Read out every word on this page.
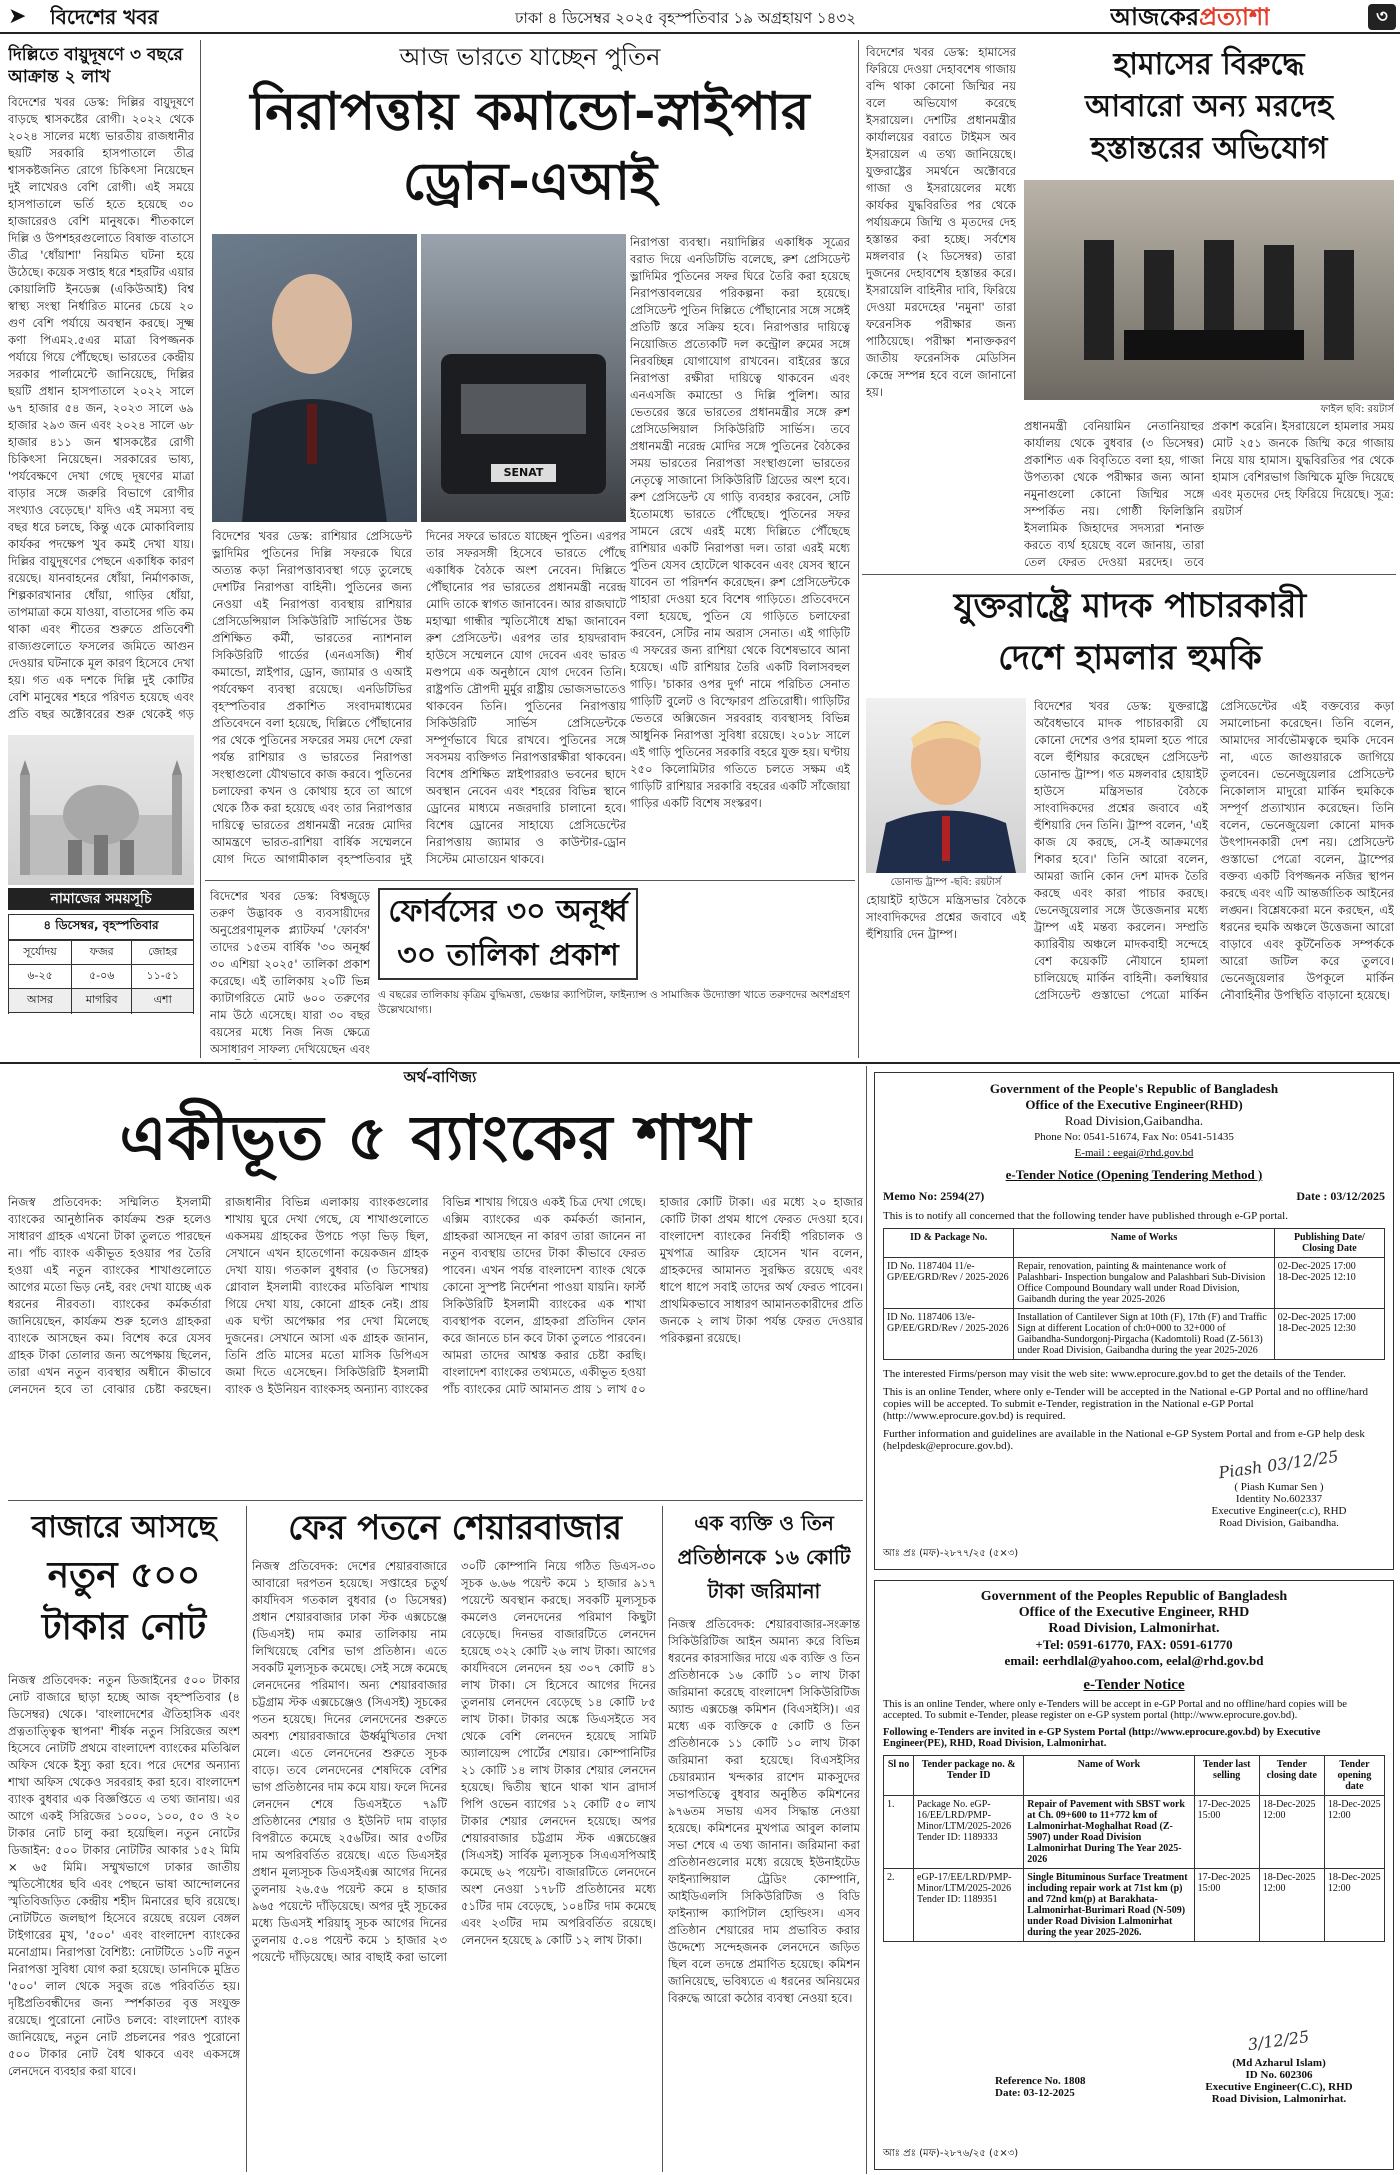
➤ বিদেশের খবর	ঢাকা ৪ ডিসেম্বর ২০২৫ বৃহস্পতিবার ১৯ অগ্রহায়ণ ১৪৩২	আজকেরপ্রত্যাশা	৩
দিল্লিতে বায়ুদূষণে ৩ বছরে আক্রান্ত ২ লাখ
বিদেশের খবর ডেস্ক: দিল্লির বায়ুদূষণে বাড়ছে শ্বাসকষ্টের রোগী। ২০২২ থেকে ২০২৪ সালের মধ্যে ভারতীয় রাজধানীর ছয়টি সরকারি হাসপাতালে তীব্র শ্বাসকষ্টজনিত রোগে চিকিৎসা নিয়েছেন দুই লাখেরও বেশি রোগী। এই সময়ে হাসপাতালে ভর্তি হতে হয়েছে ৩০ হাজারেরও বেশি মানুষকে। শীতকালে দিল্লি ও উপশহরগুলোতে বিষাক্ত বাতাসে তীব্র 'ধোঁয়াশা' নিয়মিত ঘটনা হয়ে উঠেছে। কয়েক সপ্তাহ ধরে শহরটির এয়ার কোয়ালিটি ইনডেক্স (একিউআই) বিশ্ব স্বাস্থ্য সংস্থা নির্ধারিত মানের চেয়ে ২০ গুণ বেশি পর্যায়ে অবস্থান করছে। সূক্ষ্ম কণা পিএম২.৫এর মাত্রা বিপজ্জনক পর্যায়ে গিয়ে পৌঁছেছে। ভারতের কেন্দ্রীয় সরকার পার্লামেন্টে জানিয়েছে, দিল্লির ছয়টি প্রধান হাসপাতালে ২০২২ সালে ৬৭ হাজার ৫৪ জন, ২০২৩ সালে ৬৯ হাজার ২৯৩ জন এবং ২০২৪ সালে ৬৮ হাজার ৪১১ জন শ্বাসকষ্টের রোগী চিকিৎসা নিয়েছেন। সরকারের ভাষ্য, 'পর্যবেক্ষণে দেখা গেছে দূষণের মাত্রা বাড়ার সঙ্গে জরুরি বিভাগে রোগীর সংখ্যাও বেড়েছে।' যদিও এই সমস্যা বহু বছর ধরে চলছে, কিন্তু একে মোকাবিলায় কার্যকর পদক্ষেপ খুব কমই দেখা যায়। দিল্লির বায়ুদূষণের পেছনে একাধিক কারণ রয়েছে। যানবাহনের ধোঁয়া, নির্মাণকাজ, শিল্পকারখানার ধোঁয়া, গাড়ির ধোঁয়া, তাপমাত্রা কমে যাওয়া, বাতাসের গতি কম থাকা এবং শীতের শুরুতে প্রতিবেশী রাজ্যগুলোতে ফসলের জমিতে আগুন দেওয়ার ঘটনাকে মূল কারণ হিসেবে দেখা হয়। গত এক দশকে দিল্লি দুই কোটির বেশি মানুষের শহরে পরিণত হয়েছে এবং প্রতি বছর অক্টোবরের শুরু থেকেই গড়
নামাজের সময়সূচি
৪ ডিসেম্বর, বৃহস্পতিবার
সূর্যোদয়	ফজর	জোহর
৬-২৫	৫-০৬	১১-৫১
আসর	মাগরিব	এশা

আজ ভারতে যাচ্ছেন পুতিন
নিরাপত্তায় কমান্ডো-স্নাইপার
ড্রোন-এআই
SENAT
নিরাপত্তা ব্যবস্থা। নয়াদিল্লির একাধিক সূত্রের বরাত দিয়ে এনডিটিভি বলেছে, রুশ প্রেসিডেন্ট ভ্লাদিমির পুতিনের সফর ঘিরে তৈরি করা হয়েছে নিরাপত্তাবলয়ের পরিকল্পনা করা হয়েছে। প্রেসিডেন্ট পুতিন দিল্লিতে পৌঁছানোর সঙ্গে সঙ্গেই প্রতিটি স্তরে সক্রিয় হবে। নিরাপত্তার দায়িত্বে নিয়োজিত প্রত্যেকটি দল কন্ট্রোল রুমের সঙ্গে নিরবচ্ছিন্ন যোগাযোগ রাখবেন। বাইরের স্তরে নিরাপত্তা রক্ষীরা দায়িত্বে থাকবেন এবং এনএসজি কমান্ডো ও দিল্লি পুলিশ। আর ভেতরের স্তরে ভারতের প্রধানমন্ত্রীর সঙ্গে রুশ প্রেসিডেন্সিয়াল সিকিউরিটি সার্ভিস। তবে প্রধানমন্ত্রী নরেন্দ্র মোদির সঙ্গে পুতিনের বৈঠকের সময় ভারতের নিরাপত্তা সংস্থাগুলো ভারতের নেতৃত্বে সাজানো সিকিউরিটি গ্রিডের অংশ হবে। রুশ প্রেসিডেন্ট যে গাড়ি ব্যবহার করবেন, সেটি ইতোমধ্যে ভারতে পৌঁছেছে। পুতিনের সফর সামনে রেখে এরই মধ্যে দিল্লিতে পৌঁছেছে রাশিয়ার একটি নিরাপত্তা দল। তারা এরই মধ্যে পুতিন যেসব হোটেলে থাকবেন এবং যেসব স্থানে যাবেন তা পরিদর্শন করেছেন। রুশ প্রেসিডেন্টকে পাহারা দেওয়া হবে বিশেষ গাড়িতে। প্রতিবেদনে বলা হয়েছে, পুতিন যে গাড়িতে চলাফেরা করবেন, সেটির নাম অরাস সেনাত। এই গাড়িটি এ সফরের জন্য রাশিয়া থেকে বিশেষভাবে আনা হয়েছে। এটি রাশিয়ার তৈরি একটি বিলাসবহুল গাড়ি। 'চাকার ওপর দুর্গ' নামে পরিচিত সেনাত গাড়িটি বুলেট ও বিস্ফোরণ প্রতিরোধী। গাড়িটির ভেতরে অক্সিজেন সরবরাহ ব্যবস্থাসহ বিভিন্ন আধুনিক নিরাপত্তা সুবিধা রয়েছে। ২০১৮ সালে এই গাড়ি পুতিনের সরকারি বহরে যুক্ত হয়। ঘণ্টায় ২৫০ কিলোমিটার গতিতে চলতে সক্ষম এই গাড়িটি রাশিয়ার সরকারি বহরের একটি সাঁজোয়া গাড়ির একটি বিশেষ সংস্করণ।
বিদেশের খবর ডেস্ক: রাশিয়ার প্রেসিডেন্ট ভ্লাদিমির পুতিনের দিল্লি সফরকে ঘিরে অত্যন্ত কড়া নিরাপত্তাব্যবস্থা গড়ে তুলেছে দেশটির নিরাপত্তা বাহিনী। পুতিনের জন্য নেওয়া এই নিরাপত্তা ব্যবস্থায় রাশিয়ার প্রেসিডেন্সিয়াল সিকিউরিটি সার্ভিসের উচ্চ প্রশিক্ষিত কর্মী, ভারতের ন্যাশনাল সিকিউরিটি গার্ডের (এনএসজি) শীর্ষ কমান্ডো, স্নাইপার, ড্রোন, জ্যামার ও এআই পর্যবেক্ষণ ব্যবস্থা রয়েছে। এনডিটিভির বৃহস্পতিবার প্রকাশিত সংবাদমাধ্যমের প্রতিবেদনে বলা হয়েছে, দিল্লিতে পৌঁছানোর পর থেকে পুতিনের সফরের সময় দেশে ফেরা পর্যন্ত রাশিয়ার ও ভারতের নিরাপত্তা সংস্থাগুলো যৌথভাবে কাজ করবে। পুতিনের চলাফেরা কখন ও কোথায় হবে তা আগে থেকে ঠিক করা হয়েছে এবং তার নিরাপত্তার দায়িত্বে ভারতের প্রধানমন্ত্রী নরেন্দ্র মোদির আমন্ত্রণে ভারত-রাশিয়া বার্ষিক সম্মেলনে যোগ দিতে আগামীকাল বৃহস্পতিবার দুই দিনের সফরে ভারতে যাচ্ছেন পুতিন। এরপর তার সফরসঙ্গী হিসেবে ভারতে পৌঁছে একাধিক বৈঠকে অংশ নেবেন। দিল্লিতে পৌঁছানোর পর ভারতের প্রধানমন্ত্রী নরেন্দ্র মোদি তাকে স্বাগত জানাবেন। আর রাজঘাটে মহাত্মা গান্ধীর স্মৃতিসৌধে শ্রদ্ধা জানাবেন রুশ প্রেসিডেন্ট। এরপর তার হায়দরাবাদ হাউসে সম্মেলনে যোগ দেবেন এবং ভারত মণ্ডপমে এক অনুষ্ঠানে যোগ দেবেন তিনি। রাষ্ট্রপতি দ্রৌপদী মুর্মুর রাষ্ট্রীয় ভোজসভাতেও থাকবেন তিনি। পুতিনের নিরাপত্তায় সিকিউরিটি সার্ভিস প্রেসিডেন্টকে সম্পূর্ণভাবে ঘিরে রাখবে। পুতিনের সঙ্গে সবসময় ব্যক্তিগত নিরাপত্তারক্ষীরা থাকবেন। বিশেষ প্রশিক্ষিত স্নাইপাররাও ভবনের ছাদে অবস্থান নেবেন এবং শহরের বিভিন্ন স্থানে ড্রোনের মাধ্যমে নজরদারি চালানো হবে। বিশেষ ড্রোনের সাহায্যে প্রেসিডেন্টের নিরাপত্তায় জ্যামার ও কাউন্টার-ড্রোন সিস্টেম মোতায়েন থাকবে।
বিদেশের খবর ডেস্ক: বিশ্বজুড়ে তরুণ উদ্ভাবক ও ব্যবসায়ীদের অনুপ্রেরণামূলক প্ল্যাটফর্ম 'ফোর্বস' তাদের ১৫তম বার্ষিক '৩০ অনূর্ধ্ব ৩০ এশিয়া ২০২৫' তালিকা প্রকাশ করেছে। এই তালিকায় ২০টি ভিন্ন ক্যাটাগরিতে মোট ৬০০ তরুণের নাম উঠে এসেছে। যারা ৩০ বছর বয়সের মধ্যে নিজ নিজ ক্ষেত্রে অসাধারণ সাফল্য দেখিয়েছেন এবং
ফোর্বসের ৩০ অনূর্ধ্ব
৩০ তালিকা প্রকাশ
এ বছরের তালিকায় কৃত্রিম বুদ্ধিমত্তা, ভেঞ্চার ক্যাপিটাল, ফাইন্যান্স ও সামাজিক উদ্যোক্তা খাতে তরুণদের অংশগ্রহণ উল্লেখযোগ্য।
বিদেশের খবর ডেস্ক: হামাসের ফিরিয়ে দেওয়া দেহাবশেষ গাজায় বন্দি থাকা কোনো জিম্মির নয় বলে অভিযোগ করেছে ইসরায়েল। দেশটির প্রধানমন্ত্রীর কার্যালয়ের বরাতে টাইমস অব ইসরায়েল এ তথ্য জানিয়েছে। যুক্তরাষ্ট্রের সমর্থনে অক্টোবরে গাজা ও ইসরায়েলের মধ্যে কার্যকর যুদ্ধবিরতির পর থেকে পর্যায়ক্রমে জিম্মি ও মৃতদের দেহ হস্তান্তর করা হচ্ছে। সর্বশেষ মঙ্গলবার (২ ডিসেম্বর) তারা দুজনের দেহাবশেষ হস্তান্তর করে। ইসরায়েলি বাহিনীর দাবি, ফিরিয়ে দেওয়া মরদেহের 'নমুনা' তারা ফরেনসিক পরীক্ষার জন্য পাঠিয়েছে। পরীক্ষা শনাক্তকরণ জাতীয় ফরেনসিক মেডিসিন কেন্দ্রে সম্পন্ন হবে বলে জানানো হয়।
হামাসের বিরুদ্ধে
আবারো অন্য মরদেহ
হস্তান্তরের অভিযোগ
ফাইল ছবি: রয়টার্স
প্রধানমন্ত্রী বেনিয়ামিন নেতানিয়াহুর কার্যালয় থেকে বুধবার (৩ ডিসেম্বর) প্রকাশিত এক বিবৃতিতে বলা হয়, গাজা উপত্যকা থেকে পরীক্ষার জন্য আনা নমুনাগুলো কোনো জিম্মির সঙ্গে সম্পর্কিত নয়। গোষ্ঠী ফিলিস্তিনি ইসলামিক জিহাদের সদস্যরা শনাক্ত করতে ব্যর্থ হয়েছে বলে জানায়, তারা তেল ফেরত দেওয়া মরদেহ। তবে
প্রকাশ করেনি। ইসরায়েলে হামলার সময় মোট ২৫১ জনকে জিম্মি করে গাজায় নিয়ে যায় হামাস। যুদ্ধবিরতির পর থেকে হামাস বেশিরভাগ জিম্মিকে মুক্তি দিয়েছে এবং মৃতদের দেহ ফিরিয়ে দিয়েছে। সূত্র: রয়টার্স
যুক্তরাষ্ট্রে মাদক পাচারকারী
দেশে হামলার হুমকি
ডোনাল্ড ট্রাম্প -ছবি: রয়টার্স
বিদেশের খবর ডেস্ক: যুক্তরাষ্ট্রে অবৈধভাবে মাদক পাচারকারী যে কোনো দেশের ওপর হামলা হতে পারে বলে হুঁশিয়ার করেছেন প্রেসিডেন্ট ডোনাল্ড ট্রাম্প। গত মঙ্গলবার হোয়াইট হাউসে মন্ত্রিসভার বৈঠকে সাংবাদিকদের প্রশ্নের জবাবে এই হুঁশিয়ারি দেন তিনি। ট্রাম্প বলেন, 'এই কাজ যে করছে, সে-ই আক্রমণের শিকার হবে।' তিনি আরো বলেন, আমরা জানি কোন দেশ মাদক তৈরি করছে এবং কারা পাচার করছে। ভেনেজুয়েলার সঙ্গে উত্তেজনার মধ্যে ট্রাম্প এই মন্তব্য করলেন। সম্প্রতি ক্যারিবীয় অঞ্চলে মাদকবাহী সন্দেহে বেশ কয়েকটি নৌযানে হামলা চালিয়েছে মার্কিন বাহিনী। কলম্বিয়ার প্রেসিডেন্ট গুস্তাভো পেত্রো মার্কিন প্রেসিডেন্টের এই বক্তব্যের কড়া সমালোচনা করেছেন। তিনি বলেন, আমাদের সার্বভৌমত্বকে হুমকি দেবেন না, এতে জাগুয়ারকে জাগিয়ে তুলবেন। ভেনেজুয়েলার প্রেসিডেন্ট নিকোলাস মাদুরো মার্কিন হুমকিকে সম্পূর্ণ প্রত্যাখ্যান করেছেন। তিনি বলেন, ভেনেজুয়েলা কোনো মাদক উৎপাদনকারী দেশ নয়। প্রেসিডেন্ট গুস্তাভো পেত্রো বলেন, ট্রাম্পের বক্তব্য একটি বিপজ্জনক নজির স্থাপন করছে এবং এটি আন্তর্জাতিক আইনের লঙ্ঘন। বিশ্লেষকেরা মনে করছেন, এই ধরনের হুমকি অঞ্চলে উত্তেজনা আরো বাড়াবে এবং কূটনৈতিক সম্পর্ককে আরো জটিল করে তুলবে। ভেনেজুয়েলার উপকূলে মার্কিন নৌবাহিনীর উপস্থিতি বাড়ানো হয়েছে।
হোয়াইট হাউসে মন্ত্রিসভার বৈঠকে সাংবাদিকদের প্রশ্নের জবাবে এই হুঁশিয়ারি দেন ট্রাম্প।
অর্থ-বাণিজ্য
একীভূত ৫ ব্যাংকের শাখা
নিজস্ব প্রতিবেদক: সম্মিলিত ইসলামী ব্যাংকের আনুষ্ঠানিক কার্যক্রম শুরু হলেও সাধারণ গ্রাহক এখনো টাকা তুলতে পারছেন না। পাঁচ ব্যাংক একীভূত হওয়ার পর তৈরি হওয়া এই নতুন ব্যাংকের শাখাগুলোতে আগের মতো ভিড় নেই, বরং দেখা যাচ্ছে এক ধরনের নীরবতা। ব্যাংকের কর্মকর্তারা জানিয়েছেন, কার্যক্রম শুরু হলেও গ্রাহকরা ব্যাংকে আসছেন কম। বিশেষ করে যেসব গ্রাহক টাকা তোলার জন্য অপেক্ষায় ছিলেন, তারা এখন নতুন ব্যবস্থার অধীনে কীভাবে লেনদেন হবে তা বোঝার চেষ্টা করছেন। রাজধানীর বিভিন্ন এলাকায় ব্যাংকগুলোর শাখায় ঘুরে দেখা গেছে, যে শাখাগুলোতে একসময় গ্রাহকের উপচে পড়া ভিড় ছিল, সেখানে এখন হাতেগোনা কয়েকজন গ্রাহক দেখা যায়। গতকাল বুধবার (৩ ডিসেম্বর) গ্লোবাল ইসলামী ব্যাংকের মতিঝিল শাখায় গিয়ে দেখা যায়, কোনো গ্রাহক নেই। প্রায় এক ঘণ্টা অপেক্ষার পর দেখা মিলেছে দুজনের। সেখানে আসা এক গ্রাহক জানান, তিনি প্রতি মাসের মতো মাসিক ডিপিএস জমা দিতে এসেছেন। সিকিউরিটি ইসলামী ব্যাংক ও ইউনিয়ন ব্যাংকসহ অন্যান্য ব্যাংকের বিভিন্ন শাখায় গিয়েও একই চিত্র দেখা গেছে। এক্সিম ব্যাংকের এক কর্মকর্তা জানান, গ্রাহকরা আসছেন না কারণ তারা জানেন না নতুন ব্যবস্থায় তাদের টাকা কীভাবে ফেরত পাবেন। এখন পর্যন্ত বাংলাদেশ ব্যাংক থেকে কোনো সুস্পষ্ট নির্দেশনা পাওয়া যায়নি। ফার্স্ট সিকিউরিটি ইসলামী ব্যাংকের এক শাখা ব্যবস্থাপক বলেন, গ্রাহকরা প্রতিদিন ফোন করে জানতে চান কবে টাকা তুলতে পারবেন। আমরা তাদের আশ্বস্ত করার চেষ্টা করছি। বাংলাদেশ ব্যাংকের তথ্যমতে, একীভূত হওয়া পাঁচ ব্যাংকের মোট আমানত প্রায় ১ লাখ ৫০ হাজার কোটি টাকা। এর মধ্যে ২০ হাজার কোটি টাকা প্রথম ধাপে ফেরত দেওয়া হবে। বাংলাদেশ ব্যাংকের নির্বাহী পরিচালক ও মুখপাত্র আরিফ হোসেন খান বলেন, গ্রাহকদের আমানত সুরক্ষিত রয়েছে এবং ধাপে ধাপে সবাই তাদের অর্থ ফেরত পাবেন। প্রাথমিকভাবে সাধারণ আমানতকারীদের প্রতি জনকে ২ লাখ টাকা পর্যন্ত ফেরত দেওয়ার পরিকল্পনা রয়েছে।
বাজারে আসছে
নতুন ৫০০
টাকার নোট
নিজস্ব প্রতিবেদক: নতুন ডিজাইনের ৫০০ টাকার নোট বাজারে ছাড়া হচ্ছে আজ বৃহস্পতিবার (৪ ডিসেম্বর) থেকে। 'বাংলাদেশের ঐতিহাসিক এবং প্রত্নতাত্ত্বিক স্থাপনা' শীর্ষক নতুন সিরিজের অংশ হিসেবে নোটটি প্রথমে বাংলাদেশ ব্যাংকের মতিঝিল অফিস থেকে ইস্যু করা হবে। পরে দেশের অন্যান্য শাখা অফিস থেকেও সরবরাহ করা হবে। বাংলাদেশ ব্যাংক বুধবার এক বিজ্ঞপ্তিতে এ তথ্য জানায়। এর আগে একই সিরিজের ১০০০, ১০০, ৫০ ও ২০ টাকার নোট চালু করা হয়েছিল। নতুন নোটের ডিজাইন: ৫০০ টাকার নোটটির আকার ১৫২ মিমি × ৬৫ মিমি। সম্মুখভাগে ঢাকার জাতীয় স্মৃতিসৌধের ছবি এবং পেছনে ভাষা আন্দোলনের স্মৃতিবিজড়িত কেন্দ্রীয় শহীদ মিনারের ছবি রয়েছে। নোটটিতে জলছাপ হিসেবে রয়েছে রয়েল বেঙ্গল টাইগারের মুখ, '৫০০' এবং বাংলাদেশ ব্যাংকের মনোগ্রাম। নিরাপত্তা বৈশিষ্ট্য: নোটটিতে ১০টি নতুন নিরাপত্তা সুবিধা যোগ করা হয়েছে। ডানদিকে মুদ্রিত '৫০০' লাল থেকে সবুজ রঙে পরিবর্তিত হয়। দৃষ্টিপ্রতিবন্ধীদের জন্য স্পর্শকাতর বৃত্ত সংযুক্ত রয়েছে। পুরোনো নোটও চলবে: বাংলাদেশ ব্যাংক জানিয়েছে, নতুন নোট প্রচলনের পরও পুরোনো ৫০০ টাকার নোট বৈধ থাকবে এবং একসঙ্গে লেনদেনে ব্যবহার করা যাবে।
ফের পতনে শেয়ারবাজার
নিজস্ব প্রতিবেদক: দেশের শেয়ারবাজারে আবারো দরপতন হয়েছে। সপ্তাহের চতুর্থ কার্যদিবস গতকাল বুধবার (৩ ডিসেম্বর) প্রধান শেয়ারবাজার ঢাকা স্টক এক্সচেঞ্জে (ডিএসই) দাম কমার তালিকায় নাম লিখিয়েছে বেশির ভাগ প্রতিষ্ঠান। এতে সবকটি মূল্যসূচক কমেছে। সেই সঙ্গে কমেছে লেনদেনের পরিমাণ। অন্য শেয়ারবাজার চট্টগ্রাম স্টক এক্সচেঞ্জেও (সিএসই) সূচকের পতন হয়েছে। দিনের লেনদেনের শুরুতে অবশ্য শেয়ারবাজারে ঊর্ধ্বমুখিতার দেখা মেলে। এতে লেনদেনের শুরুতে সূচক বাড়ে। তবে লেনদেনের শেষদিকে বেশির ভাগ প্রতিষ্ঠানের দাম কমে যায়। ফলে দিনের লেনদেন শেষে ডিএসইতে ৭৯টি প্রতিষ্ঠানের শেয়ার ও ইউনিট দাম বাড়ার বিপরীতে কমেছে ২৫৬টির। আর ৫৩টির দাম অপরিবর্তিত রয়েছে। এতে ডিএসইর প্রধান মূল্যসূচক ডিএসইএক্স আগের দিনের তুলনায় ২৬.৫৬ পয়েন্ট কমে ৪ হাজার ৯৬৫ পয়েন্টে দাঁড়িয়েছে। অপর দুই সূচকের মধ্যে ডিএসই শরিয়াহ্ সূচক আগের দিনের তুলনায় ৫.০৪ পয়েন্ট কমে ১ হাজার ২৩ পয়েন্টে দাঁড়িয়েছে। আর বাছাই করা ভালো ৩০টি কোম্পানি নিয়ে গঠিত ডিএস-৩০ সূচক ৬.৬৬ পয়েন্ট কমে ১ হাজার ৯১৭ পয়েন্টে অবস্থান করছে। সবকটি মূল্যসূচক কমলেও লেনদেনের পরিমাণ কিছুটা বেড়েছে। দিনভর বাজারটিতে লেনদেন হয়েছে ৩২২ কোটি ২৬ লাখ টাকা। আগের কার্যদিবসে লেনদেন হয় ৩০৭ কোটি ৪১ লাখ টাকা। সে হিসেবে আগের দিনের তুলনায় লেনদেন বেড়েছে ১৪ কোটি ৮৫ লাখ টাকা। টাকার অঙ্কে ডিএসইতে সব থেকে বেশি লেনদেন হয়েছে সামিট অ্যালায়েন্স পোর্টের শেয়ার। কোম্পানিটির ২১ কোটি ১৪ লাখ টাকার শেয়ার লেনদেন হয়েছে। দ্বিতীয় স্থানে থাকা খান ব্রাদার্স পিপি ওভেন ব্যাগের ১২ কোটি ৫০ লাখ টাকার শেয়ার লেনদেন হয়েছে। অপর শেয়ারবাজার চট্টগ্রাম স্টক এক্সচেঞ্জের (সিএসই) সার্বিক মূল্যসূচক সিএএসপিআই কমেছে ৬২ পয়েন্ট। বাজারটিতে লেনদেনে অংশ নেওয়া ১৭৮টি প্রতিষ্ঠানের মধ্যে ৫১টির দাম বেড়েছে, ১০৪টির দাম কমেছে এবং ২৩টির দাম অপরিবর্তিত রয়েছে। লেনদেন হয়েছে ৯ কোটি ১২ লাখ টাকা।
এক ব্যক্তি ও তিন
প্রতিষ্ঠানকে ১৬ কোটি
টাকা জরিমানা
নিজস্ব প্রতিবেদক: শেয়ারবাজার-সংক্রান্ত সিকিউরিটিজ আইন অমান্য করে বিভিন্ন ধরনের কারসাজির দায়ে এক ব্যক্তি ও তিন প্রতিষ্ঠানকে ১৬ কোটি ১০ লাখ টাকা জরিমানা করেছে বাংলাদেশ সিকিউরিটিজ অ্যান্ড এক্সচেঞ্জ কমিশন (বিএসইসি)। এর মধ্যে এক ব্যক্তিকে ৫ কোটি ও তিন প্রতিষ্ঠানকে ১১ কোটি ১০ লাখ টাকা জরিমানা করা হয়েছে। বিএসইসির চেয়ারম্যান খন্দকার রাশেদ মাকসুদের সভাপতিত্বে বুধবার অনুষ্ঠিত কমিশনের ৯৭৬তম সভায় এসব সিদ্ধান্ত নেওয়া হয়েছে। কমিশনের মুখপাত্র আবুল কালাম সভা শেষে এ তথ্য জানান। জরিমানা করা প্রতিষ্ঠানগুলোর মধ্যে রয়েছে ইউনাইটেড ফাইন্যান্সিয়াল ট্রেডিং কোম্পানি, আইডিএলসি সিকিউরিটিজ ও বিডি ফাইন্যান্স ক্যাপিটাল হোল্ডিংস। এসব প্রতিষ্ঠান শেয়ারের দাম প্রভাবিত করার উদ্দেশ্যে সন্দেহজনক লেনদেনে জড়িত ছিল বলে তদন্তে প্রমাণিত হয়েছে। কমিশন জানিয়েছে, ভবিষ্যতে এ ধরনের অনিয়মের বিরুদ্ধে আরো কঠোর ব্যবস্থা নেওয়া হবে।
Government of the People's Republic of Bangladesh
Office of the Executive Engineer(RHD)
Road Division,Gaibandha.
Phone No: 0541-51674, Fax No: 0541-51435
E-mail : eegai@rhd.gov.bd
e-Tender Notice (Opening Tendering Method )
Memo No: 2594(27)	Date : 03/12/2025
This is to notify all concerned that the following tender have published through e-GP portal.
ID & Package No.	Name of Works	Publishing Date/ Closing Date
ID No. 1187404 11/e-GP/EE/GRD/Rev / 2025-2026	Repair, renovation, painting & maintenance work of Palashbari- Inspection bungalow and Palashbari Sub-Division Office Compound Boundary wall under Road Division, Gaibandh during the year 2025-2026	02-Dec-2025 17:00
18-Dec-2025 12:10

ID No. 1187406 13/e-GP/EE/GRD/Rev / 2025-2026	Installation of Cantilever Sign at 10th (F), 17th (F) and Traffic Sign at different Location of ch:0+000 to 32+000 of Gaibandha-Sundorgonj-Pirgacha (Kadomtoli) Road (Z-5613) under Road Division, Gaibandha during the year 2025-2026	02-Dec-2025 17:00
18-Dec-2025 12:30
The interested Firms/person may visit the web site: www.eprocure.gov.bd to get the details of the Tender.
This is an online Tender, where only e-Tender will be accepted in the National e-GP Portal and no offline/hard copies will be accepted. To submit e-Tender, registration in the National e-GP Portal (http://www.eprocure.gov.bd) is required.
Further information and guidelines are available in the National e-GP System Portal and from e-GP help desk (helpdesk@eprocure.gov.bd).
Piash 03/12/25
( Piash Kumar Sen )
Identity No.602337
Executive Engineer(c.c), RHD
Road Division, Gaibandha.
আঃ প্রঃ (মফ)-২৮৭৭/২৫ (৫×৩)
Government of the Peoples Republic of Bangladesh
Office of the Executive Engineer, RHD
Road Division, Lalmonirhat.
+Tel: 0591-61770, FAX: 0591-61770
email: eerhdlal@yahoo.com, eelal@rhd.gov.bd
e-Tender Notice
This is an online Tender, where only e-Tenders will be accept in e-GP Portal and no offline/hard copies will be accepted. To submit e-Tender, please register on e-GP system portal (http://www.eprocure.gov.bd).
Following e-Tenders are invited in e-GP System Portal (http://www.eprocure.gov.bd) by Executive Engineer(PE), RHD, Road Division, Lalmonirhat.
Sl no	Tender package no. & Tender ID	Name of Work	Tender last selling	Tender closing date	Tender opening date
1.	Package No. eGP-16/EE/LRD/PMP-Minor/LTM/2025-2026 Tender ID: 1189333	Repair of Pavement with SBST work at Ch. 09+600 to 11+772 km of Lalmonirhat-Moghalhat Road (Z-5907) under Road Division Lalmonirhat During The Year 2025-2026	17-Dec-2025 15:00	18-Dec-2025 12:00	18-Dec-2025 12:00
2.	eGP-17/EE/LRD/PMP-Minor/LTM/2025-2026 Tender ID: 1189351	Single Bituminous Surface Treatment including repair work at 71st km (p) and 72nd km(p) at Barakhata-Lalmonirhat-Burimari Road (N-509) under Road Division Lalmonirhat during the year 2025-2026.	17-Dec-2025 15:00	18-Dec-2025 12:00	18-Dec-2025 12:00
Reference No. 1808
Date: 03-12-2025
3/12/25
(Md Azharul Islam)
ID No. 602306
Executive Engineer(C.C), RHD
Road Division, Lalmonirhat.
আঃ প্রঃ (মফ)-২৮৭৬/২৫ (৫×৩)
